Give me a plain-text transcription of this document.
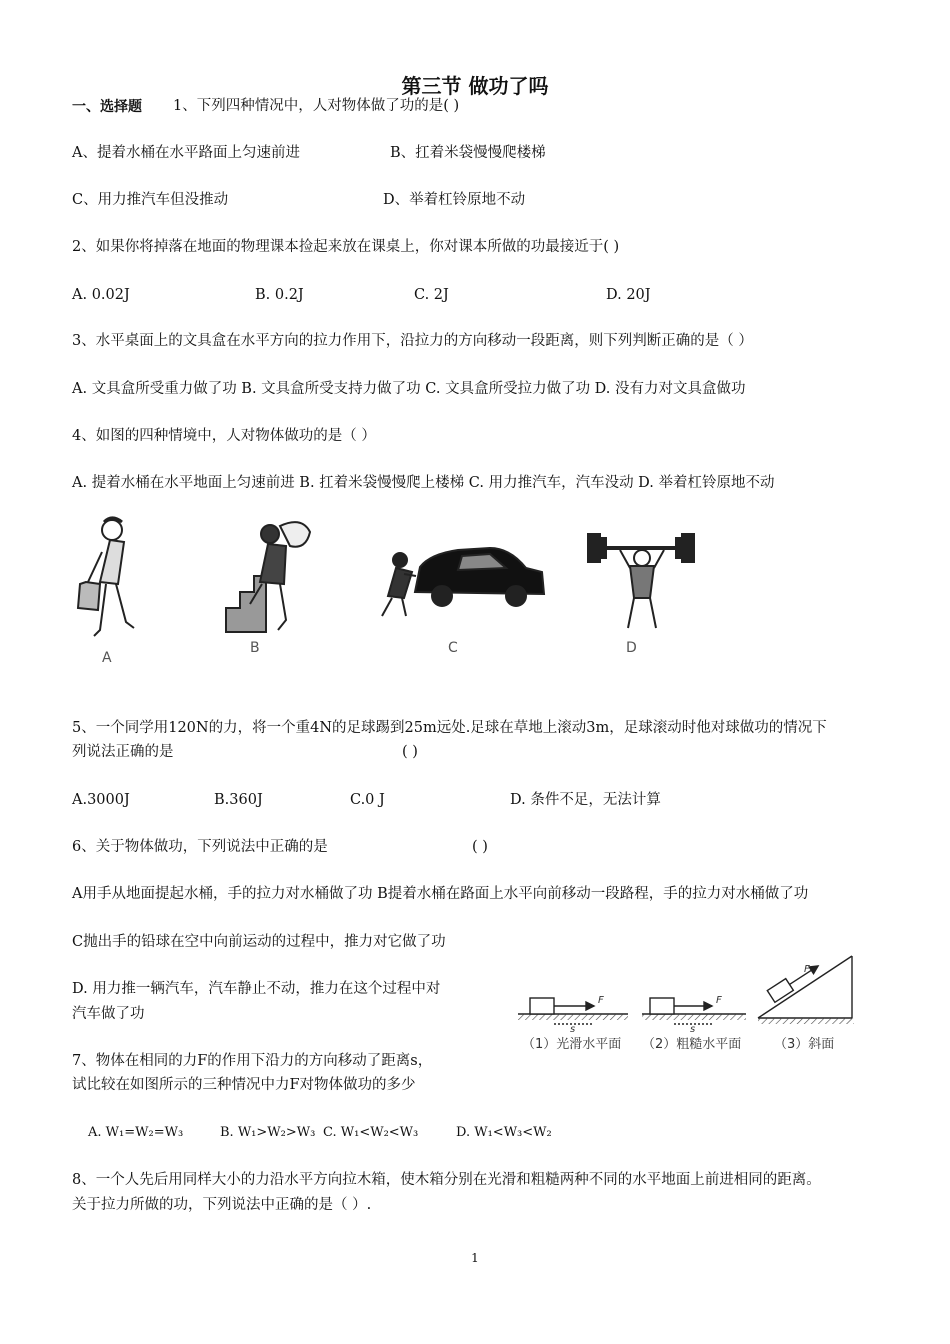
第三节 做功了吗
一、选择题 1、下列四种情况中，人对物体做了功的是( )
A、提着水桶在水平路面上匀速前进	B、扛着米袋慢慢爬楼梯
C、用力推汽车但没推动	D、举着杠铃原地不动
2、如果你将掉落在地面的物理课本捡起来放在课桌上，你对课本所做的功最接近于( )
A. 0.02J	B. 0.2J	C. 2J	D. 20J
3、水平桌面上的文具盒在水平方向的拉力作用下，沿拉力的方向移动一段距离，则下列判断正确的是（ ）
A. 文具盒所受重力做了功 B. 文具盒所受支持力做了功 C. 文具盒所受拉力做了功 D. 没有力对文具盒做功
4、如图的四种情境中，人对物体做功的是（ ）
A. 提着水桶在水平地面上匀速前进 B. 扛着米袋慢慢爬上楼梯 C. 用力推汽车，汽车没动 D. 举着杠铃原地不动
A
B	C	D
5、一个同学用120N的力，将一个重4N的足球踢到25m远处.足球在草地上滚动3m，足球滚动时他对球做功的情况下
列说法正确的是	( )
A.3000J	B.360J	C.0 J	D. 条件不足，无法计算
6、关于物体做功，下列说法中正确的是	( )
A用手从地面提起水桶，手的拉力对水桶做了功 B提着水桶在路面上水平向前移动一段路程，手的拉力对水桶做了功
C抛出手的铅球在空中向前运动的过程中，推力对它做了功
D. 用力推一辆汽车，汽车静止不动，推力在这个过程中对
汽车做了功
F
F	F
s	s
（1）光滑水平面 （2）粗糙水平面	（3）斜面
7、物体在相同的力F的作用下沿力的方向移动了距离s，
试比较在如图所示的三种情况中力F对物体做功的多少
A. W₁=W₂=W₃	B. W₁>W₂>W₃ C. W₁<W₂<W₃	D. W₁<W₃<W₂
8、一个人先后用同样大小的力沿水平方向拉木箱，使木箱分别在光滑和粗糙两种不同的水平地面上前进相同的距离。
关于拉力所做的功，下列说法中正确的是（ ）.
1
